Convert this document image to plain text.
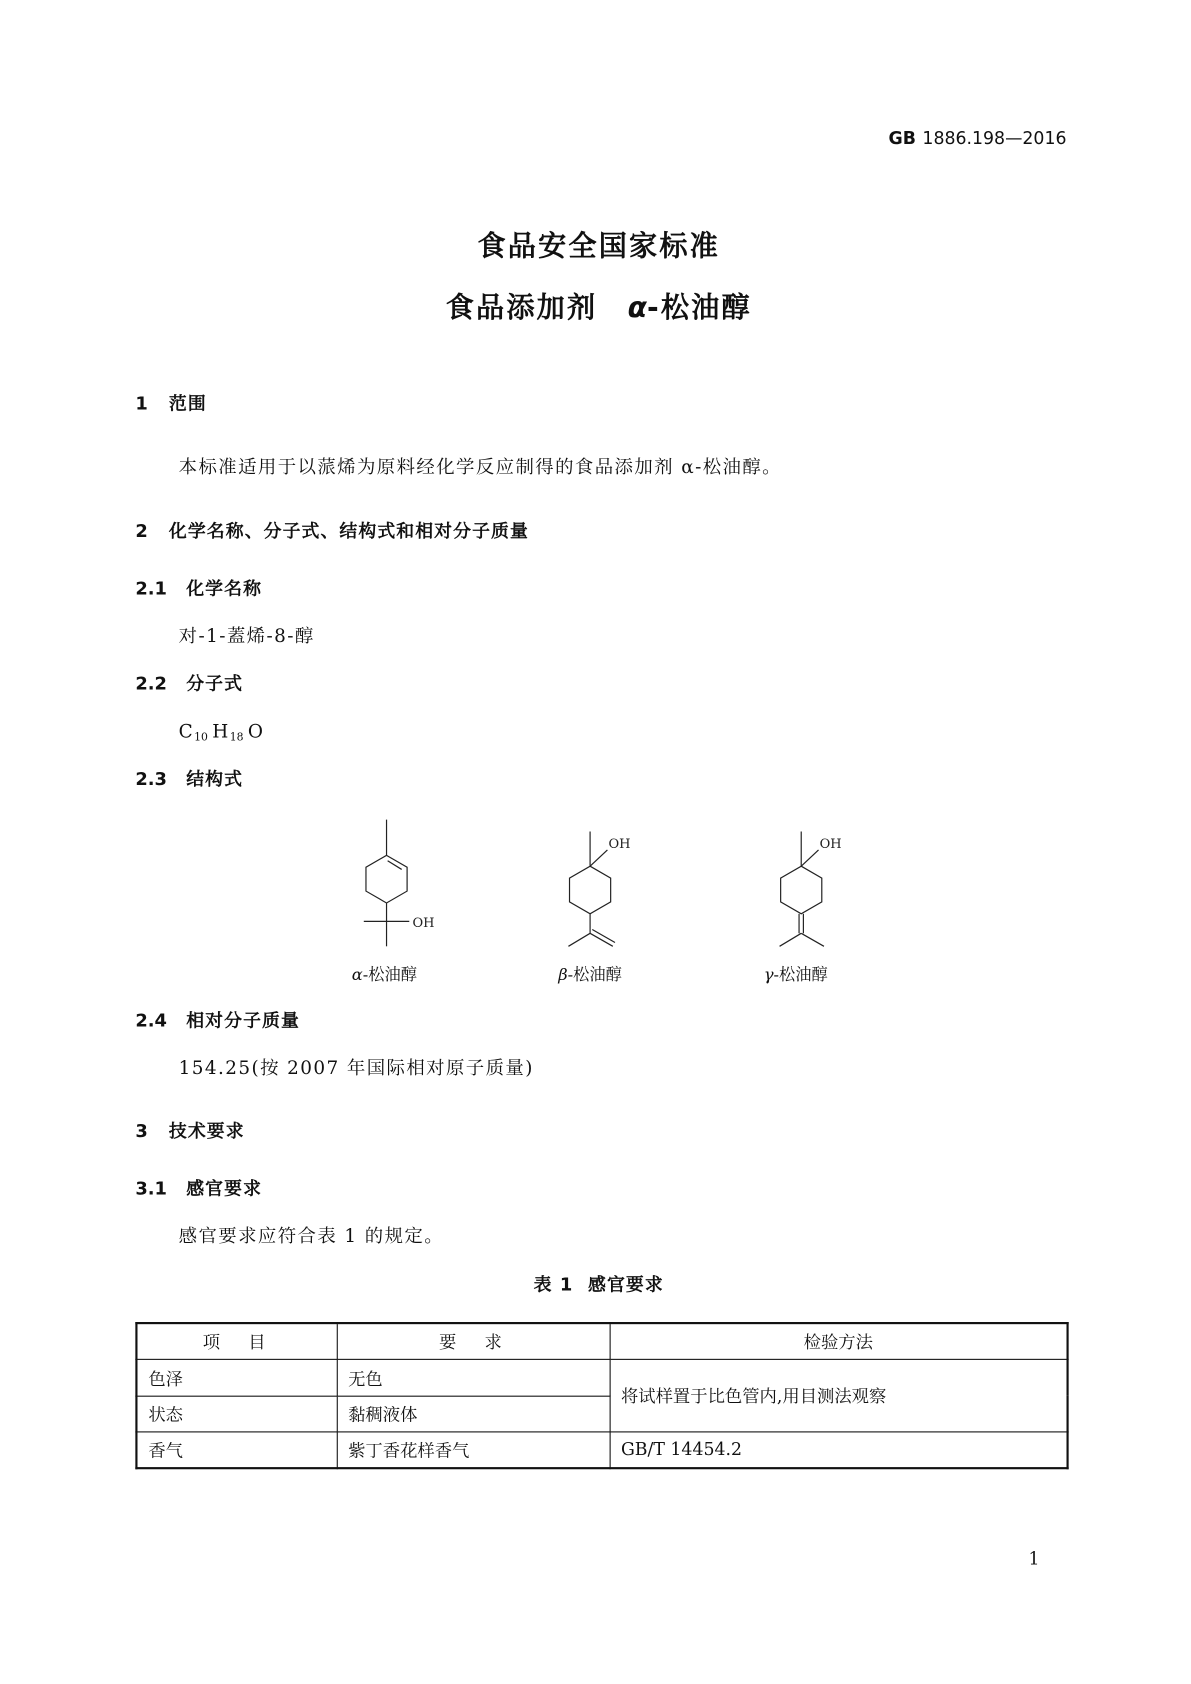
GB 1886.198—2016
食品安全国家标准
食品添加剂 α-松油醇
1 范围
本标准适用于以蒎烯为原料经化学反应制得的食品添加剂 α-松油醇。
2 化学名称、分子式、结构式和相对分子质量
2.1 化学名称
对-1-蓋烯-8-醇
2.2 分子式
$C_{10}$ $H_{18}$ O
2.3 结构式
OH
OH	OH
α-松油醇	β-松油醇	γ-松油醇
2.4 相对分子质量
154.25(按 2007 年国际相对原子质量)
3 技术要求
3.1 感官要求
感官要求应符合表 1 的规定。
表 1  感官要求
项　目	要　求	检验方法
色泽	无色	将试样置于比色管内,用目测法观察
状态	黏稠液体	
香气	紫丁香花样香气	GB/T 14454.2
1
